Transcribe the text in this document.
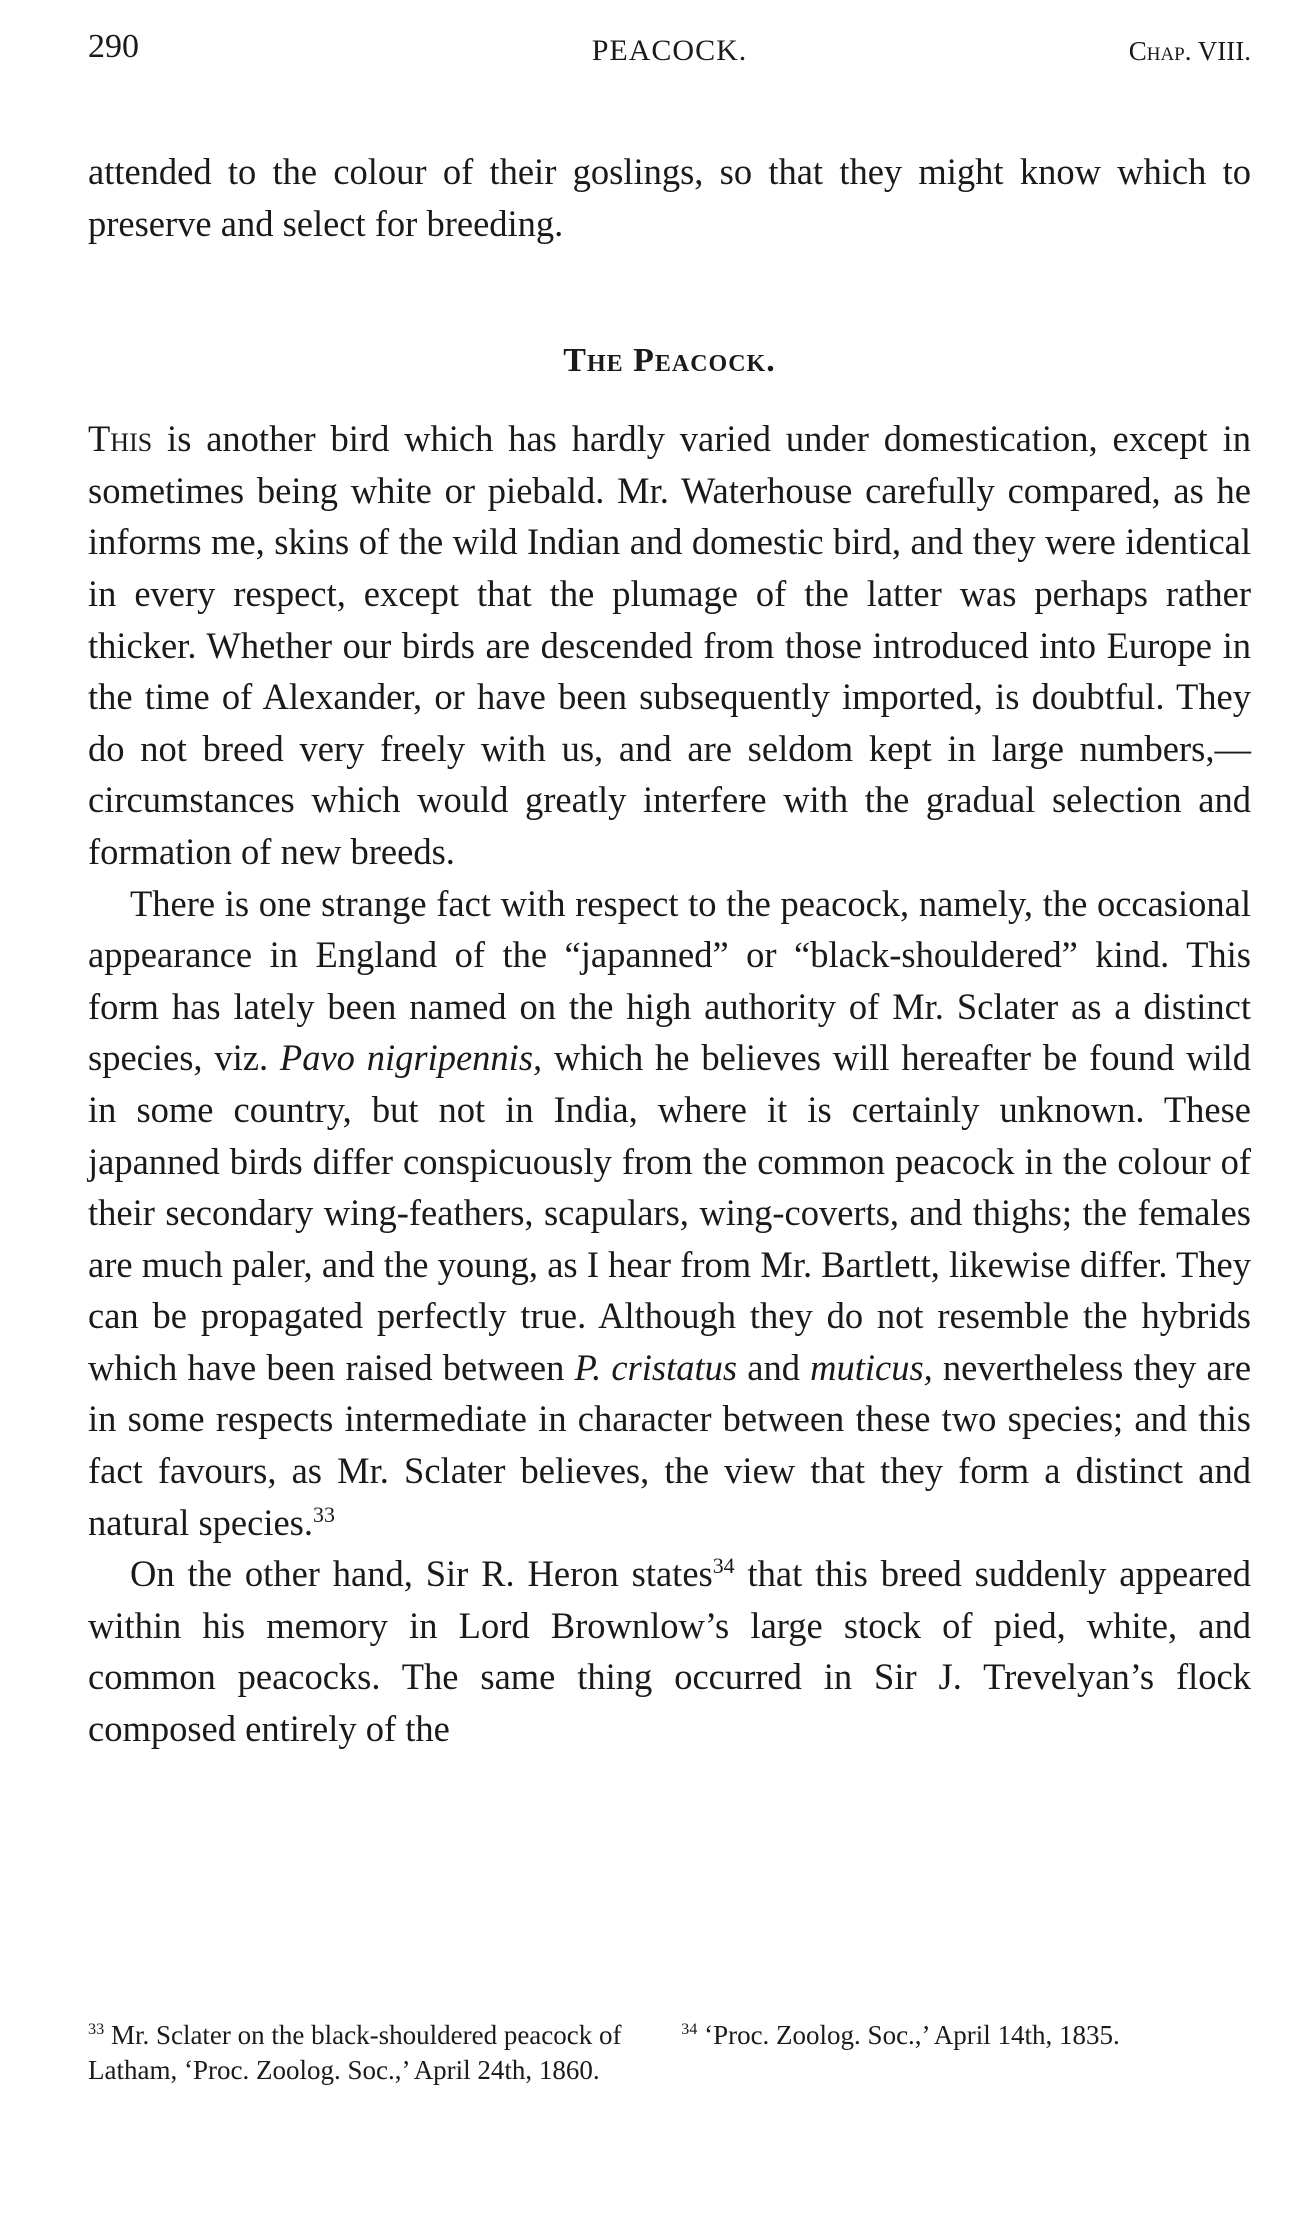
290	PEACOCK.	Chap. VIII.

attended to the colour of their goslings, so that they might know which to preserve and select for breeding.

The Peacock.

This is another bird which has hardly varied under domestication, except in sometimes being white or piebald. Mr. Waterhouse carefully compared, as he informs me, skins of the wild Indian and domestic bird, and they were identical in every respect, except that the plumage of the latter was perhaps rather thicker. Whether our birds are descended from those introduced into Europe in the time of Alexander, or have been subsequently imported, is doubtful. They do not breed very freely with us, and are seldom kept in large numbers,—circumstances which would greatly interfere with the gradual selection and formation of new breeds.

There is one strange fact with respect to the peacock, namely, the occasional appearance in England of the “japanned” or “black-shouldered” kind. This form has lately been named on the high authority of Mr. Sclater as a distinct species, viz. Pavo nigripennis, which he believes will hereafter be found wild in some country, but not in India, where it is certainly unknown. These japanned birds differ conspicuously from the common peacock in the colour of their secondary wing-feathers, scapulars, wing-coverts, and thighs; the females are much paler, and the young, as I hear from Mr. Bartlett, likewise differ. They can be propagated perfectly true. Although they do not resemble the hybrids which have been raised between P. cristatus and muticus, nevertheless they are in some respects intermediate in character between these two species; and this fact favours, as Mr. Sclater believes, the view that they form a distinct and natural species.$^{33}$

On the other hand, Sir R. Heron states$^{34}$ that this breed suddenly appeared within his memory in Lord Brownlow’s large stock of pied, white, and common peacocks. The same thing occurred in Sir J. Trevelyan’s flock composed entirely of the

$^{33}$ Mr. Sclater on the black-shouldered peacock of Latham, ‘Proc. Zoolog. Soc.,’ April 24th, 1860.
$^{34}$ ‘Proc. Zoolog. Soc.,’ April 14th, 1835.
